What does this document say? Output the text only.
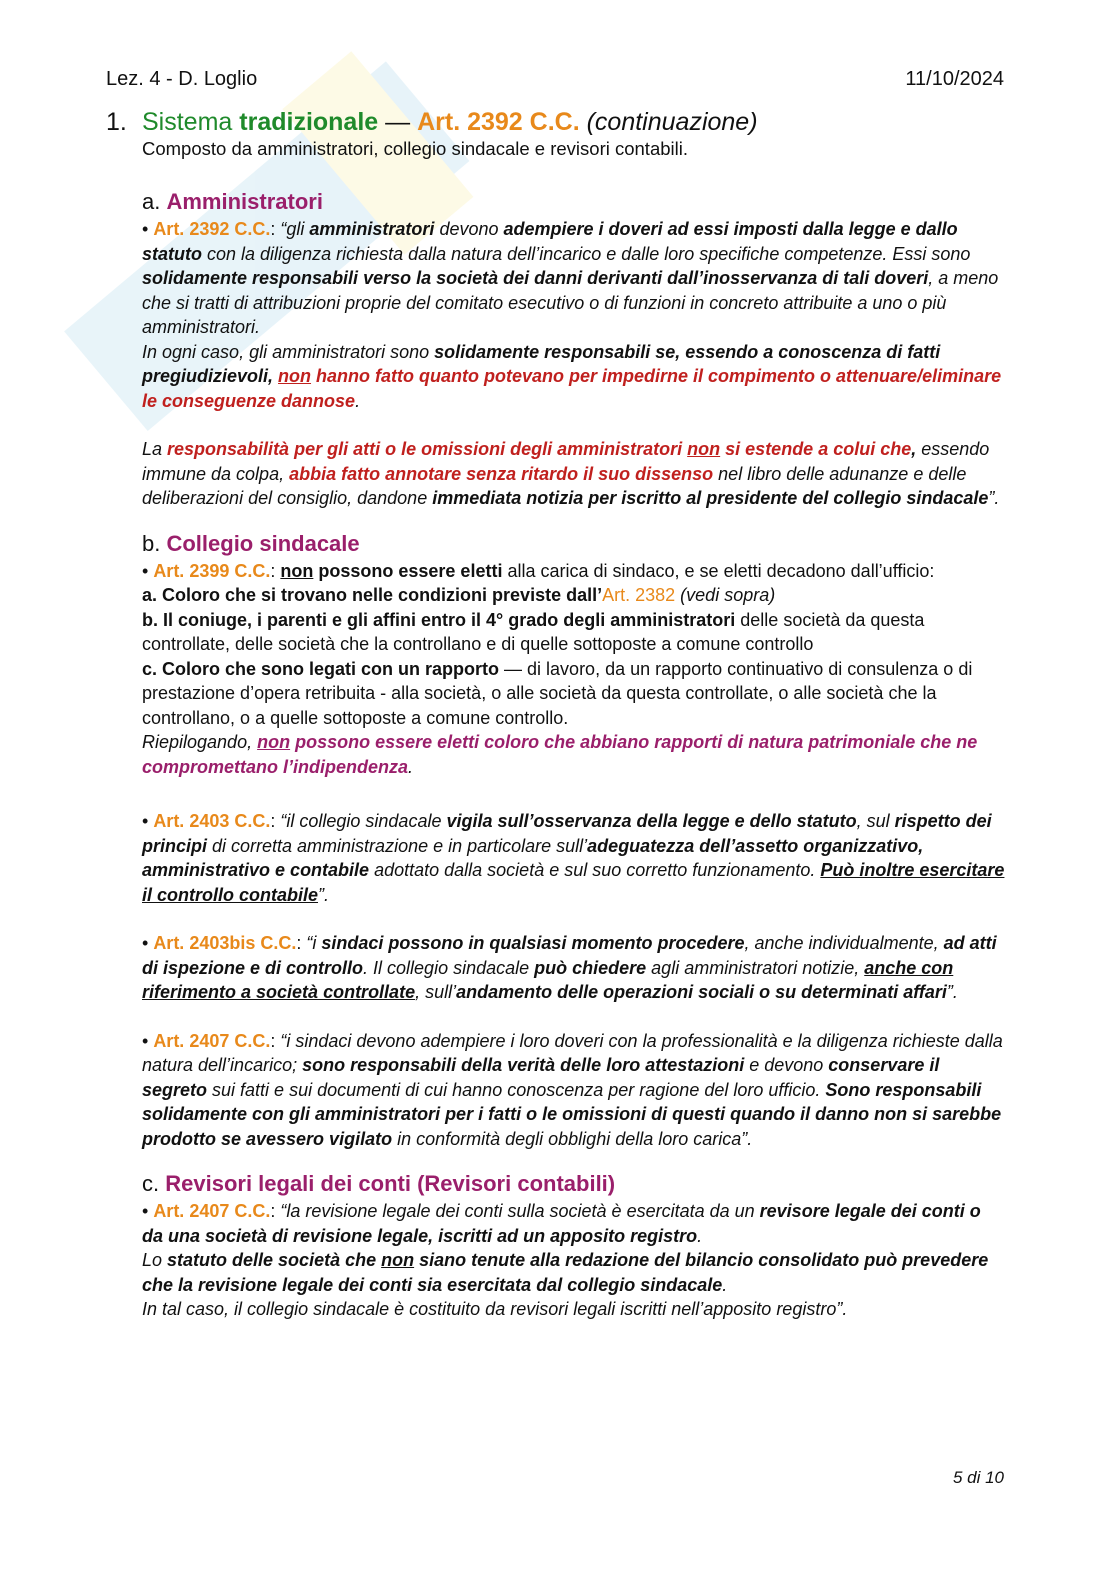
Lez. 4 - D. Loglio	11/10/2024
1. Sistema tradizionale — Art. 2392 C.C. (continuazione)
Composto da amministratori, collegio sindacale e revisori contabili.
a. Amministratori

• Art. 2392 C.C.: “gli amministratori devono adempiere i doveri ad essi imposti dalla legge e dallo statuto con la diligenza richiesta dalla natura dell’incarico e dalle loro specifiche competenze. Essi sono solidamente responsabili verso la società dei danni derivanti dall’inosservanza di tali doveri, a meno che si tratti di attribuzioni proprie del comitato esecutivo o di funzioni in concreto attribuite a uno o più amministratori.
In ogni caso, gli amministratori sono solidamente responsabili se, essendo a conoscenza di fatti pregiudizievoli, non hanno fatto quanto potevano per impedirne il compimento o attenuare/eliminare le conseguenze dannose.

La responsabilità per gli atti o le omissioni degli amministratori non si estende a colui che, essendo immune da colpa, abbia fatto annotare senza ritardo il suo dissenso nel libro delle adunanze e delle deliberazioni del consiglio, dandone immediata notizia per iscritto al presidente del collegio sindacale”.

b. Collegio sindacale

• Art. 2399 C.C.: non possono essere eletti alla carica di sindaco, e se eletti decadono dall’ufficio:
a. Coloro che si trovano nelle condizioni previste dall’Art. 2382 (vedi sopra)
b. Il coniuge, i parenti e gli affini entro il 4° grado degli amministratori delle società da questa controllate, delle società che la controllano e di quelle sottoposte a comune controllo
c. Coloro che sono legati con un rapporto — di lavoro, da un rapporto continuativo di consulenza o di prestazione d’opera retribuita - alla società, o alle società da questa controllate, o alle società che la controllano, o a quelle sottoposte a comune controllo.
Riepilogando, non possono essere eletti coloro che abbiano rapporti di natura patrimoniale che ne compromettano l’indipendenza.

• Art. 2403 C.C.: “il collegio sindacale vigila sull’osservanza della legge e dello statuto, sul rispetto dei principi di corretta amministrazione e in particolare sull’adeguatezza dell’assetto organizzativo, amministrativo e contabile adottato dalla società e sul suo corretto funzionamento. Può inoltre esercitare il controllo contabile”.

• Art. 2403bis C.C.: “i sindaci possono in qualsiasi momento procedere, anche individualmente, ad atti di ispezione e di controllo. Il collegio sindacale può chiedere agli amministratori notizie, anche con riferimento a società controllate, sull’andamento delle operazioni sociali o su determinati affari”.

• Art. 2407 C.C.: “i sindaci devono adempiere i loro doveri con la professionalità e la diligenza richieste dalla natura dell’incarico; sono responsabili della verità delle loro attestazioni e devono conservare il segreto sui fatti e sui documenti di cui hanno conoscenza per ragione del loro ufficio. Sono responsabili solidamente con gli amministratori per i fatti o le omissioni di questi quando il danno non si sarebbe prodotto se avessero vigilato in conformità degli obblighi della loro carica”.

c. Revisori legali dei conti (Revisori contabili)

• Art. 2407 C.C.: “la revisione legale dei conti sulla società è esercitata da un revisore legale dei conti o da una società di revisione legale, iscritti ad un apposito registro.
Lo statuto delle società che non siano tenute alla redazione del bilancio consolidato può prevedere che la revisione legale dei conti sia esercitata dal collegio sindacale.
In tal caso, il collegio sindacale è costituito da revisori legali iscritti nell’apposito registro”.

5 di 10
